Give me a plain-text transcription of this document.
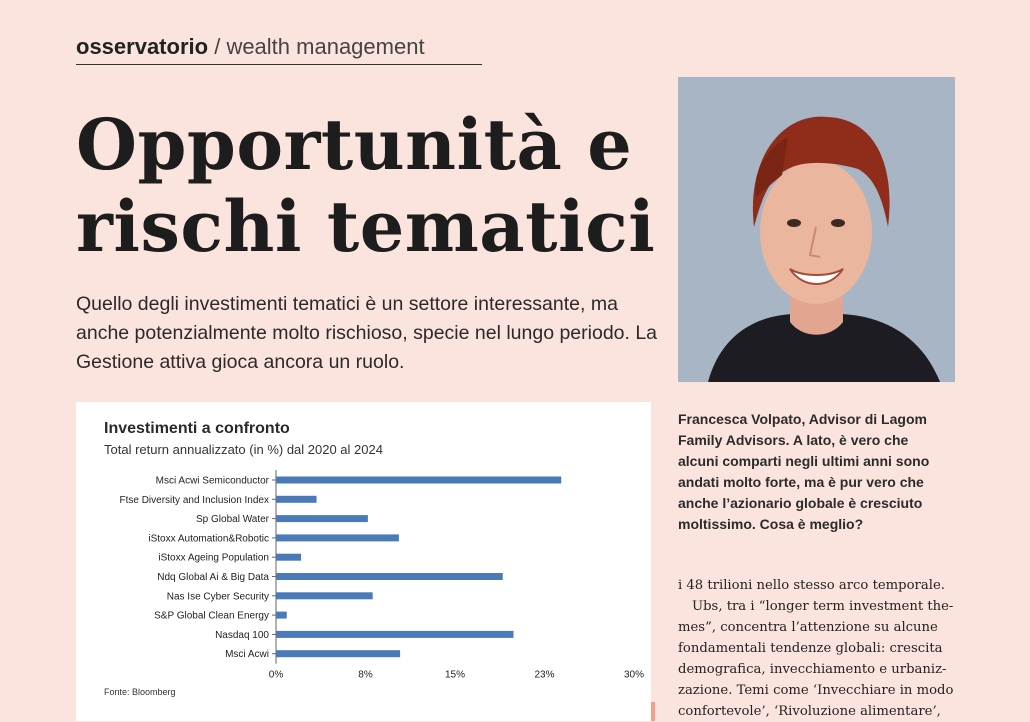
osservatorio / wealth management
Opportunità e
rischi tematici
Quello degli investimenti tematici è un settore interessante, ma anche potenzialmente molto rischioso, specie nel lungo periodo. La Gestione attiva gioca ancora un ruolo.
Investimenti a confronto
Total return annualizzato (in %) dal 2020 al 2024
Msci Acwi Semiconductor
Ftse Diversity and Inclusion Index
Sp Global Water
iStoxx Automation&Robotic
iStoxx Ageing Population
Ndq Global Ai & Big Data
Nas Ise Cyber Security
S&P Global Clean Energy
Nasdaq 100
Msci Acwi
0%	8%	15%	23%	30%
Fonte: Bloomberg
Francesca Volpato, Advisor di Lagom
Family Advisors. A lato, è vero che
alcuni comparti negli ultimi anni sono
andati molto forte, ma è pur vero che
anche l’azionario globale è cresciuto
moltissimo. Cosa è meglio?
i 48 trilioni nello stesso arco temporale.
Ubs, tra i “longer term investment the-
mes”, concentra l’attenzione su alcune
fondamentali tendenze globali: crescita
demografica, invecchiamento e urbaniz-
zazione. Temi come ‘Invecchiare in modo
confortevole’, ‘Rivoluzione alimentare’,
